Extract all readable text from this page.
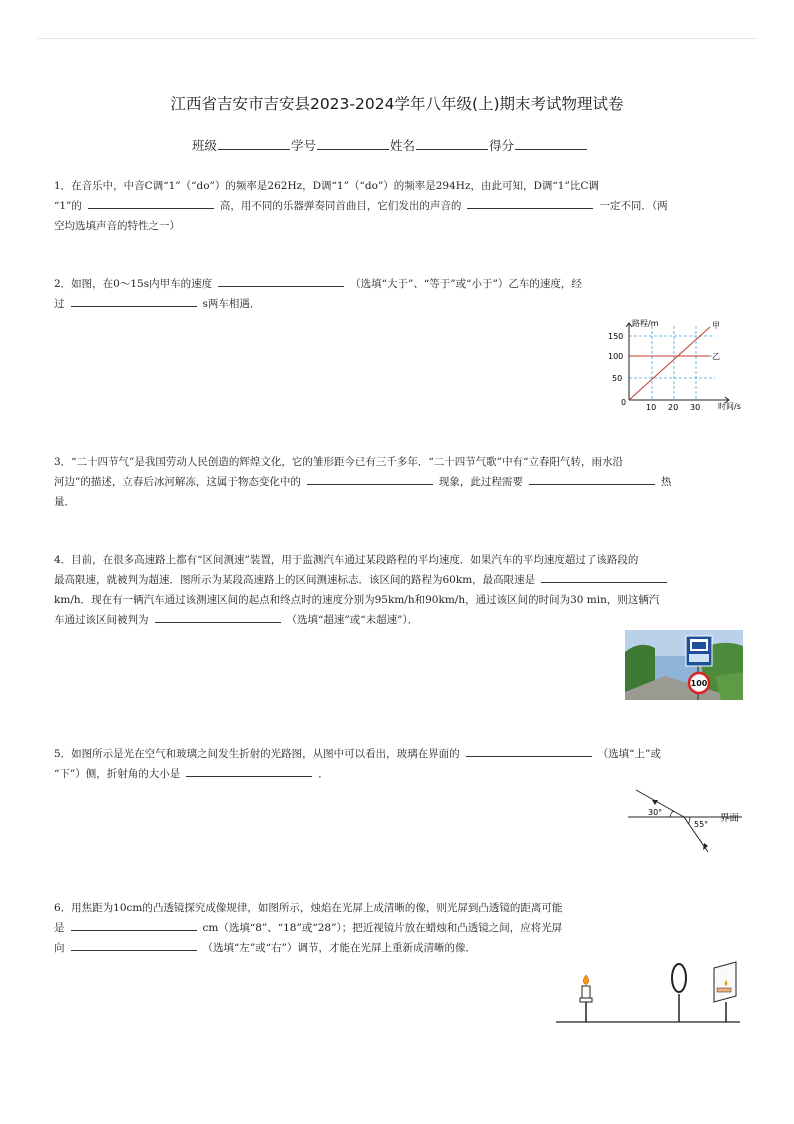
江西省吉安市吉安县2023-2024学年八年级(上)期末考试物理试卷
班级	学号	姓名	得分

1．在音乐中，中音C调“1”（“do”）的频率是262Hz，D调“1”（“do”）的频率是294Hz，由此可知，D调“1”比C调

“1”的	高，用不同的乐器弹奏同首曲目，它们发出的声音的	一定不同．（两

空均选填声音的特性之一）

2．如图，在0～15s内甲车的速度	（选填“大于”、“等于”或“小于”）乙车的速度，经

过	s两车相遇．

路程/m	甲
乙
150
100
50
0
10 20 30 时间/s

3．“二十四节气”是我国劳动人民创造的辉煌文化，它的雏形距今已有三千多年．“二十四节气歌”中有“立春阳气转，雨水沿

河边”的描述，立春后冰河解冻，这属于物态变化中的	现象，此过程需要	热

量．

4．目前，在很多高速路上都有“区间测速”装置，用于监测汽车通过某段路程的平均速度．如果汽车的平均速度超过了该路段的

最高限速，就被判为超速．图所示为某段高速路上的区间测速标志．该区间的路程为60km，最高限速是

km/h．现在有一辆汽车通过该测速区间的起点和终点时的速度分别为95km/h和90km/h，通过该区间的时间为30 min，则这辆汽

车通过该区间被判为	（选填“超速”或“未超速”）．

100

5．如图所示是光在空气和玻璃之间发生折射的光路图，从图中可以看出，玻璃在界面的	（选填“上”或

“下”）侧，折射角的大小是	．

30°
55°
界面

6．用焦距为10cm的凸透镜探究成像规律，如图所示，烛焰在光屏上成清晰的像，则光屏到凸透镜的距离可能

是	cm（选填“8”、“18”或“28”）；把近视镜片放在蜡烛和凸透镜之间，应将光屏

向	（选填“左”或“右”）调节，才能在光屏上重新成清晰的像．
